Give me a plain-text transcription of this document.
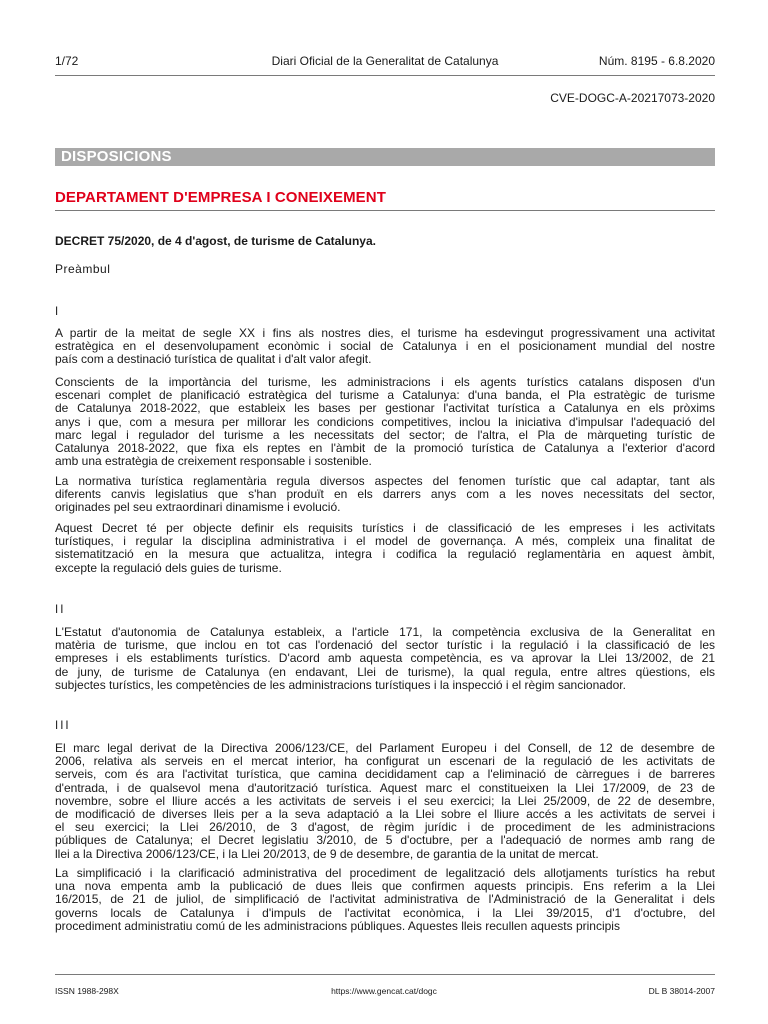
1/72	Diari Oficial de la Generalitat de Catalunya	Núm. 8195 - 6.8.2020
CVE-DOGC-A-20217073-2020
DISPOSICIONS
DEPARTAMENT D'EMPRESA I CONEIXEMENT
DECRET 75/2020, de 4 d'agost, de turisme de Catalunya.
Preàmbul
I
A partir de la meitat de segle XX i fins als nostres dies, el turisme ha esdevingut progressivament una activitat
estratègica en el desenvolupament econòmic i social de Catalunya i en el posicionament mundial del nostre
país com a destinació turística de qualitat i d'alt valor afegit.
Conscients de la importància del turisme, les administracions i els agents turístics catalans disposen d'un
escenari complet de planificació estratègica del turisme a Catalunya: d'una banda, el Pla estratègic de turisme
de Catalunya 2018-2022, que estableix les bases per gestionar l'activitat turística a Catalunya en els pròxims
anys i que, com a mesura per millorar les condicions competitives, inclou la iniciativa d'impulsar l'adequació del
marc legal i regulador del turisme a les necessitats del sector; de l'altra, el Pla de màrqueting turístic de
Catalunya 2018-2022, que fixa els reptes en l'àmbit de la promoció turística de Catalunya a l'exterior d'acord
amb una estratègia de creixement responsable i sostenible.
La normativa turística reglamentària regula diversos aspectes del fenomen turístic que cal adaptar, tant als
diferents canvis legislatius que s'han produït en els darrers anys com a les noves necessitats del sector,
originades pel seu extraordinari dinamisme i evolució.
Aquest Decret té per objecte definir els requisits turístics i de classificació de les empreses i les activitats
turístiques, i regular la disciplina administrativa i el model de governança. A més, compleix una finalitat de
sistematització en la mesura que actualitza, integra i codifica la regulació reglamentària en aquest àmbit,
excepte la regulació dels guies de turisme.
II
L'Estatut d'autonomia de Catalunya estableix, a l'article 171, la competència exclusiva de la Generalitat en
matèria de turisme, que inclou en tot cas l'ordenació del sector turístic i la regulació i la classificació de les
empreses i els establiments turístics. D'acord amb aquesta competència, es va aprovar la Llei 13/2002, de 21
de juny, de turisme de Catalunya (en endavant, Llei de turisme), la qual regula, entre altres qüestions, els
subjectes turístics, les competències de les administracions turístiques i la inspecció i el règim sancionador.
III
El marc legal derivat de la Directiva 2006/123/CE, del Parlament Europeu i del Consell, de 12 de desembre de
2006, relativa als serveis en el mercat interior, ha configurat un escenari de la regulació de les activitats de
serveis, com és ara l'activitat turística, que camina decididament cap a l'eliminació de càrregues i de barreres
d'entrada, i de qualsevol mena d'autorització turística. Aquest marc el constitueixen la Llei 17/2009, de 23 de
novembre, sobre el lliure accés a les activitats de serveis i el seu exercici; la Llei 25/2009, de 22 de desembre,
de modificació de diverses lleis per a la seva adaptació a la Llei sobre el lliure accés a les activitats de servei i
el seu exercici; la Llei 26/2010, de 3 d'agost, de règim jurídic i de procediment de les administracions
públiques de Catalunya; el Decret legislatiu 3/2010, de 5 d'octubre, per a l'adequació de normes amb rang de
llei a la Directiva 2006/123/CE, i la Llei 20/2013, de 9 de desembre, de garantia de la unitat de mercat.
La simplificació i la clarificació administrativa del procediment de legalització dels allotjaments turístics ha rebut
una nova empenta amb la publicació de dues lleis que confirmen aquests principis. Ens referim a la Llei
16/2015, de 21 de juliol, de simplificació de l'activitat administrativa de l'Administració de la Generalitat i dels
governs locals de Catalunya i d'impuls de l'activitat econòmica, i la Llei 39/2015, d'1 d'octubre, del
procediment administratiu comú de les administracions públiques. Aquestes lleis recullen aquests principis
ISSN 1988-298X	https://www.gencat.cat/dogc	DL B 38014-2007
